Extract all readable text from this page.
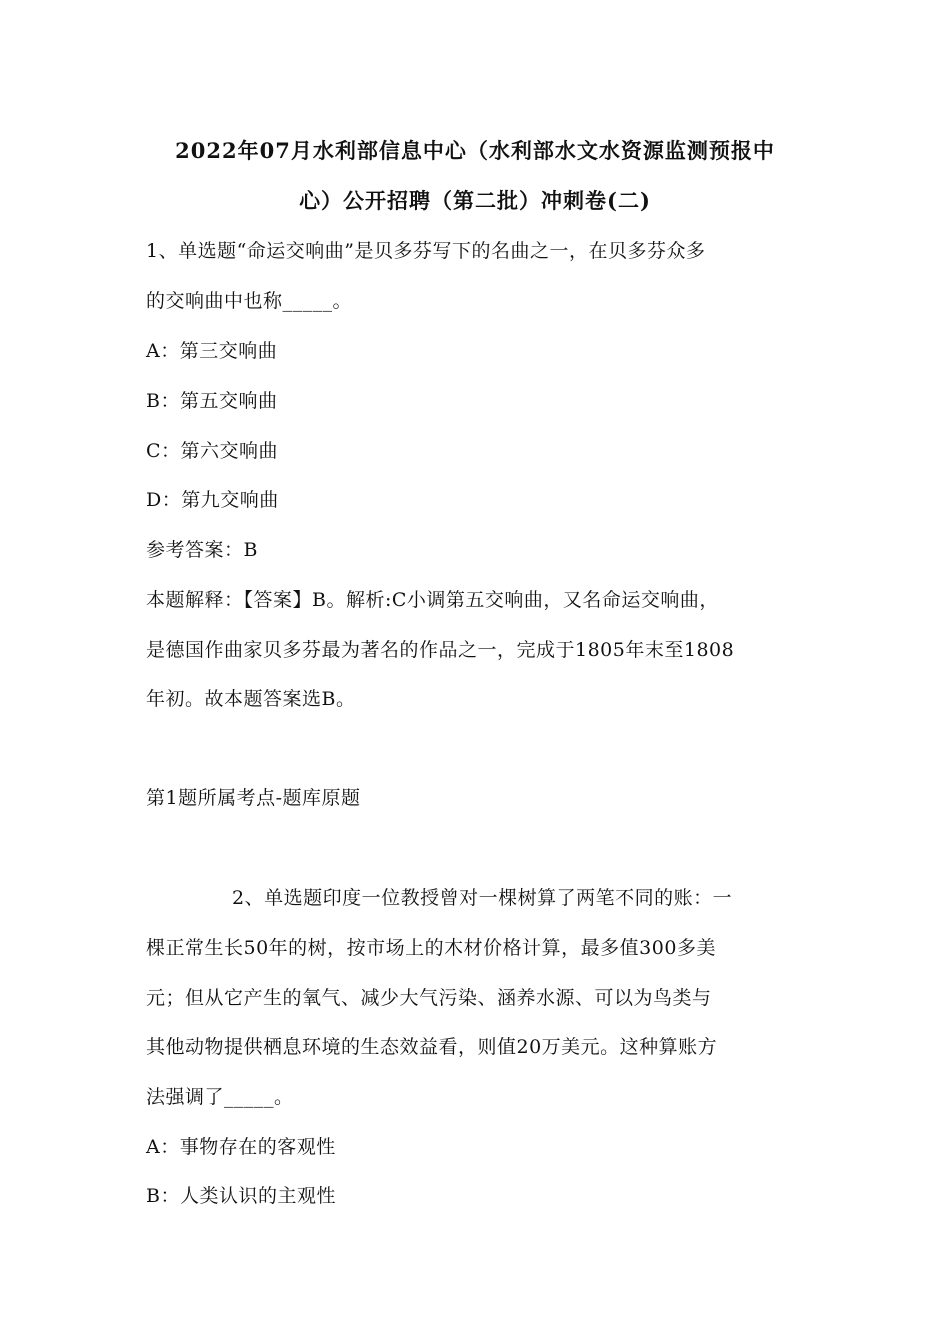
2022年07月水利部信息中心（水利部水文水资源监测预报中
心）公开招聘（第二批）冲刺卷(二)
1、单选题“命运交响曲”是贝多芬写下的名曲之一，在贝多芬众多
的交响曲中也称_____。
A：第三交响曲
B：第五交响曲
C：第六交响曲
D：第九交响曲
参考答案：B
本题解释：【答案】B。解析:C小调第五交响曲，又名命运交响曲，
是德国作曲家贝多芬最为著名的作品之一，完成于1805年末至1808
年初。故本题答案选B。
第1题所属考点-题库原题
2、单选题印度一位教授曾对一棵树算了两笔不同的账：一
棵正常生长50年的树，按市场上的木材价格计算，最多值300多美
元；但从它产生的氧气、减少大气污染、涵养水源、可以为鸟类与
其他动物提供栖息环境的生态效益看，则值20万美元。这种算账方
法强调了_____。
A：事物存在的客观性
B：人类认识的主观性
